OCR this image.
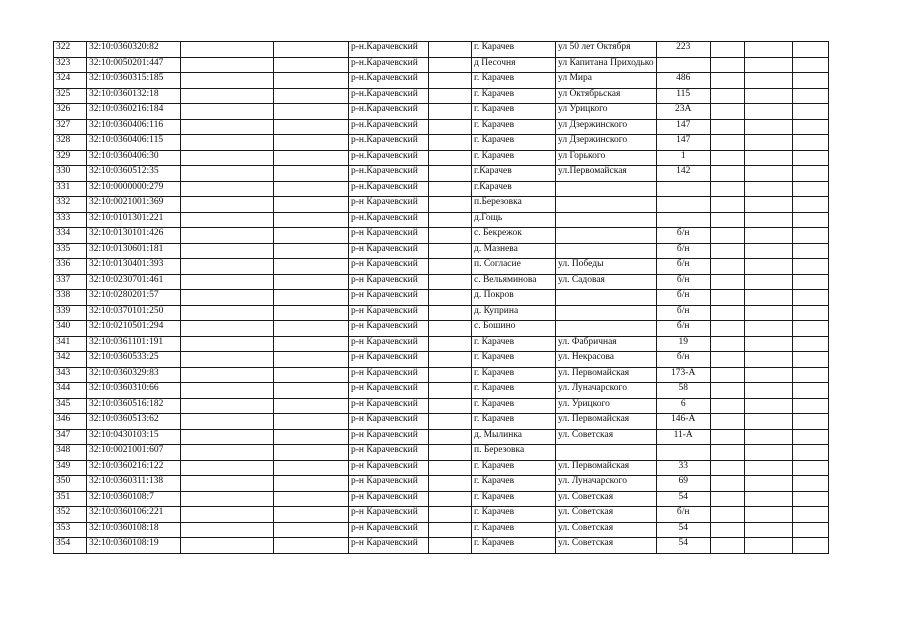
322	32:10:0360320:82			р-н.Карачевский		г. Карачев	ул 50 лет Октября	223			
323	32:10:0050201:447			р-н.Карачевский		д Песочня	ул Капитана Приходько				
324	32:10:0360315:185			р-н.Карачевский		г. Карачев	ул Мира	486			
325	32:10:0360132:18			р-н.Карачевский		г. Карачев	ул Октябрьская	115			
326	32:10:0360216:184			р-н.Карачевский		г. Карачев	ул Урицкого	23А			
327	32:10:0360406:116			р-н.Карачевский		г. Карачев	ул Дзержинского	147			
328	32:10:0360406:115			р-н.Карачевский		г. Карачев	ул Дзержинского	147			
329	32:10:0360406:30			р-н.Карачевский		г. Карачев	ул Горького	1			
330	32:10:0360512:35			р-н.Карачевский		г.Карачев	ул.Первомайская	142			
331	32:10:0000000:279			р-н.Карачевский		г.Карачев					
332	32:10:0021001:369			р-н Карачевский		п.Березовка					
333	32:10:0101301:221			р-н.Карачевский		д.Гощь					
334	32:10:0130101:426			р-н Карачевский		с. Бекрежок		б/н			
335	32:10:0130601:181			р-н Карачевский		д. Мазнева		б/н			
336	32:10:0130401:393			р-н Карачевский		п. Согласие	ул. Победы	б/н			
337	32:10:0230701:461			р-н Карачевский		с. Вельяминова	ул. Садовая	б/н			
338	32:10:0280201:57			р-н Карачевский		д. Покров		б/н			
339	32:10:0370101:250			р-н Карачевский		д. Куприна		б/н			
340	32:10:0210501:294			р-н Карачевский		с. Бошино		б/н			
341	32:10:0361101:191			р-н Карачевский		г. Карачев	ул. Фабричная	19			
342	32:10:0360533:25			р-н Карачевский		г. Карачев	ул. Некрасова	б/н			
343	32:10:0360329:83			р-н Карачевский		г. Карачев	ул. Первомайская	173-А			
344	32:10:0360310:66			р-н Карачевский		г. Карачев	ул. Луначарского	58			
345	32:10:0360516:182			р-н Карачевский		г. Карачев	ул. Урицкого	6			
346	32:10:0360513:62			р-н Карачевский		г. Карачев	ул. Первомайская	146-А			
347	32:10:0430103:15			р-н Карачевский		д. Мылинка	ул. Советская	11-А			
348	32:10:0021001:607			р-н Карачевский		п. Березовка					
349	32:10:0360216:122			р-н Карачевский		г. Карачев	ул. Первомайская	33			
350	32:10:0360311:138			р-н Карачевский		г. Карачев	ул. Луначарского	69			
351	32:10:0360108:7			р-н Карачевский		г. Карачев	ул. Советская	54			
352	32:10:0360106:221			р-н Карачевский		г. Карачев	ул. Советская	б/н			
353	32:10:0360108:18			р-н Карачевский		г. Карачев	ул. Советская	54			
354	32:10:0360108:19			р-н Карачевский		г. Карачев	ул. Советская	54			
